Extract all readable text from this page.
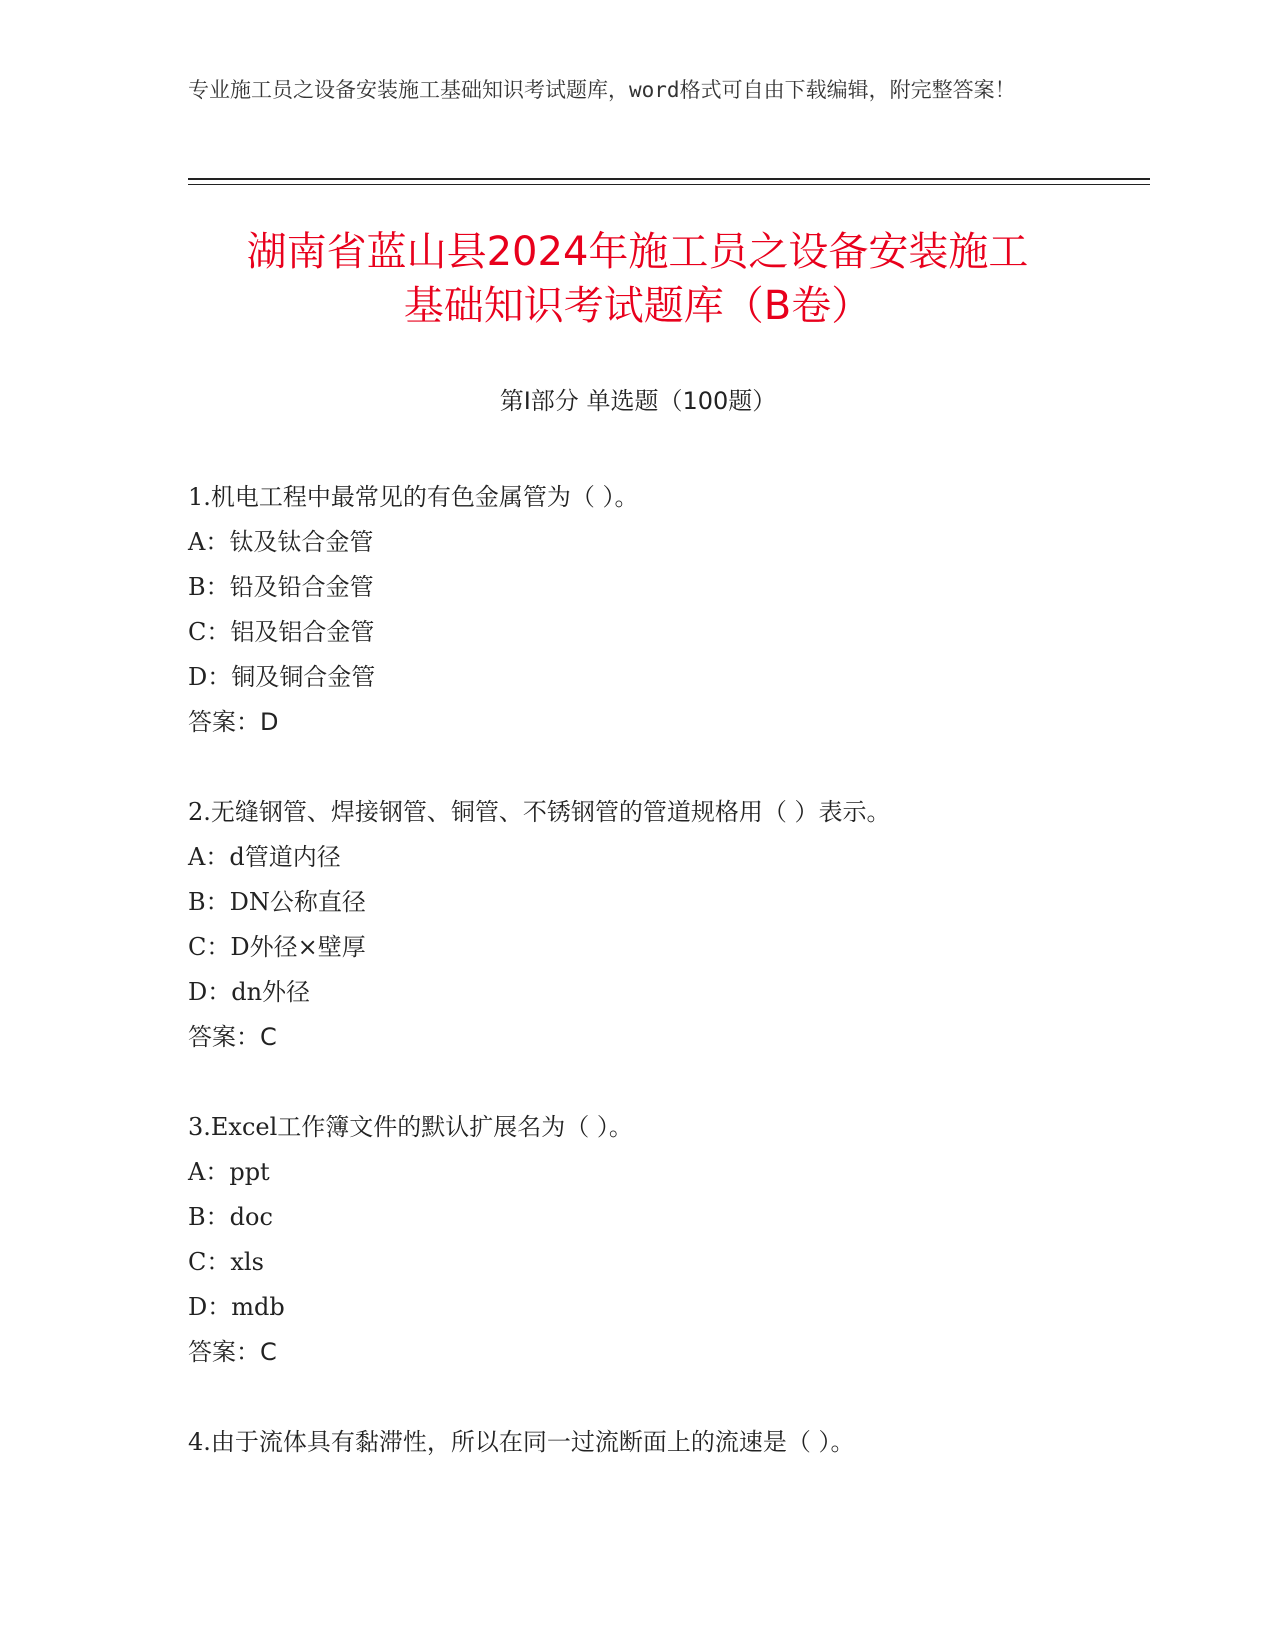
专业施工员之设备安装施工基础知识考试题库，word格式可自由下载编辑，附完整答案！
湖南省蓝山县2024年施工员之设备安装施工
基础知识考试题库（B卷）
第Ⅰ部分 单选题（100题）
1.机电工程中最常见的有色金属管为（ ）。
A：钛及钛合金管
B：铅及铅合金管
C：铝及铝合金管
D：铜及铜合金管
答案：D
2.无缝钢管、焊接钢管、铜管、不锈钢管的管道规格用（ ）表示。
A：d管道内径
B：DN公称直径
C：D外径×壁厚
D：dn外径
答案：C
3.Excel工作簿文件的默认扩展名为（ ）。
A：ppt
B：doc
C：xls
D：mdb
答案：C
4.由于流体具有黏滞性，所以在同一过流断面上的流速是（ ）。
